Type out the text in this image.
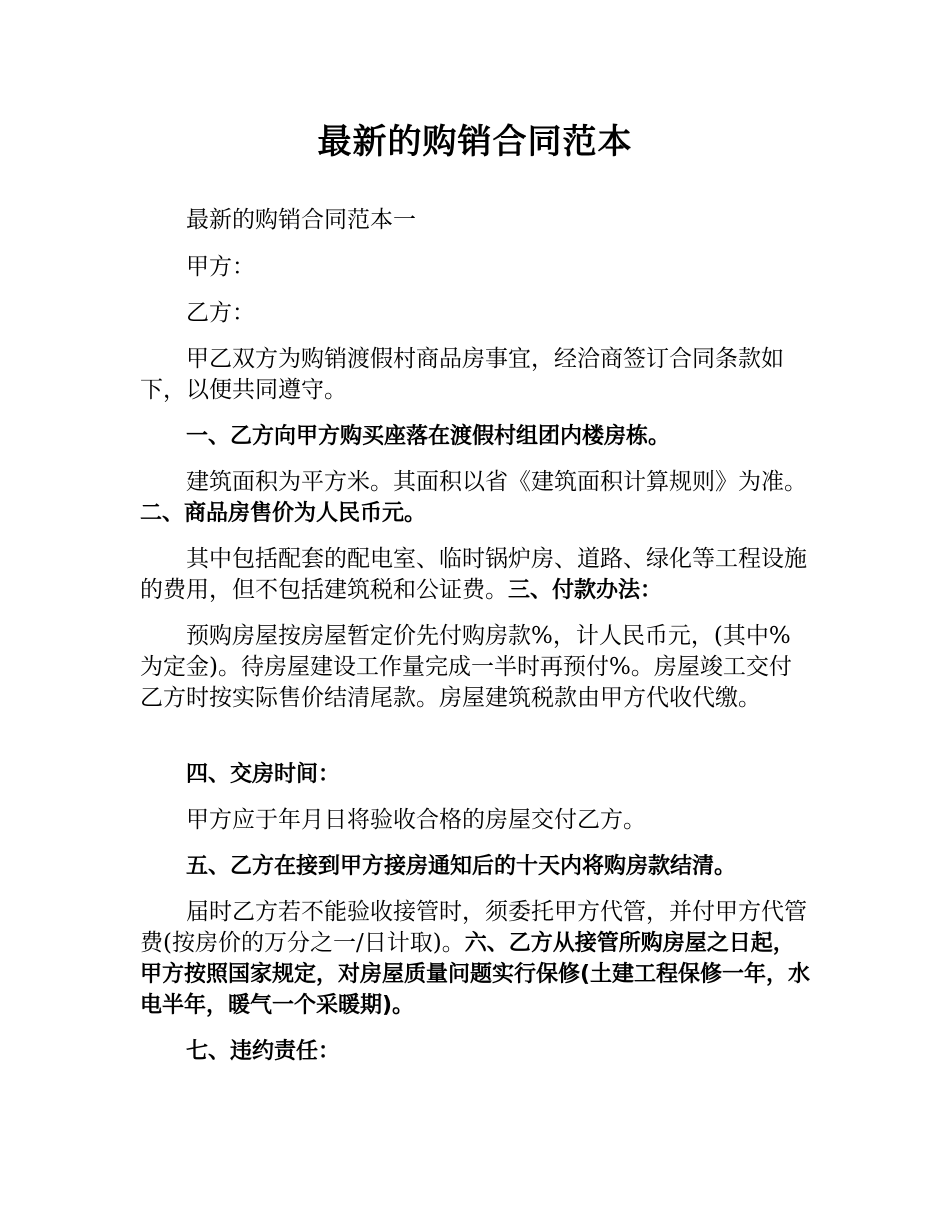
最新的购销合同范本

最新的购销合同范本一

甲方：

乙方：

甲乙双方为购销渡假村商品房事宜，经洽商签订合同条款如下，以便共同遵守。

一、乙方向甲方购买座落在渡假村组团内楼房栋。

建筑面积为平方米。其面积以省《建筑面积计算规则》为准。二、商品房售价为人民币元。

其中包括配套的配电室、临时锅炉房、道路、绿化等工程设施的费用，但不包括建筑税和公证费。三、付款办法：

预购房屋按房屋暂定价先付购房款%，计人民币元，(其中%为定金)。待房屋建设工作量完成一半时再预付%。房屋竣工交付乙方时按实际售价结清尾款。房屋建筑税款由甲方代收代缴。

四、交房时间：

甲方应于年月日将验收合格的房屋交付乙方。

五、乙方在接到甲方接房通知后的十天内将购房款结清。

届时乙方若不能验收接管时，须委托甲方代管，并付甲方代管费(按房价的万分之一/日计取)。六、乙方从接管所购房屋之日起，甲方按照国家规定，对房屋质量问题实行保修(土建工程保修一年，水电半年，暖气一个采暖期)。

七、违约责任：
